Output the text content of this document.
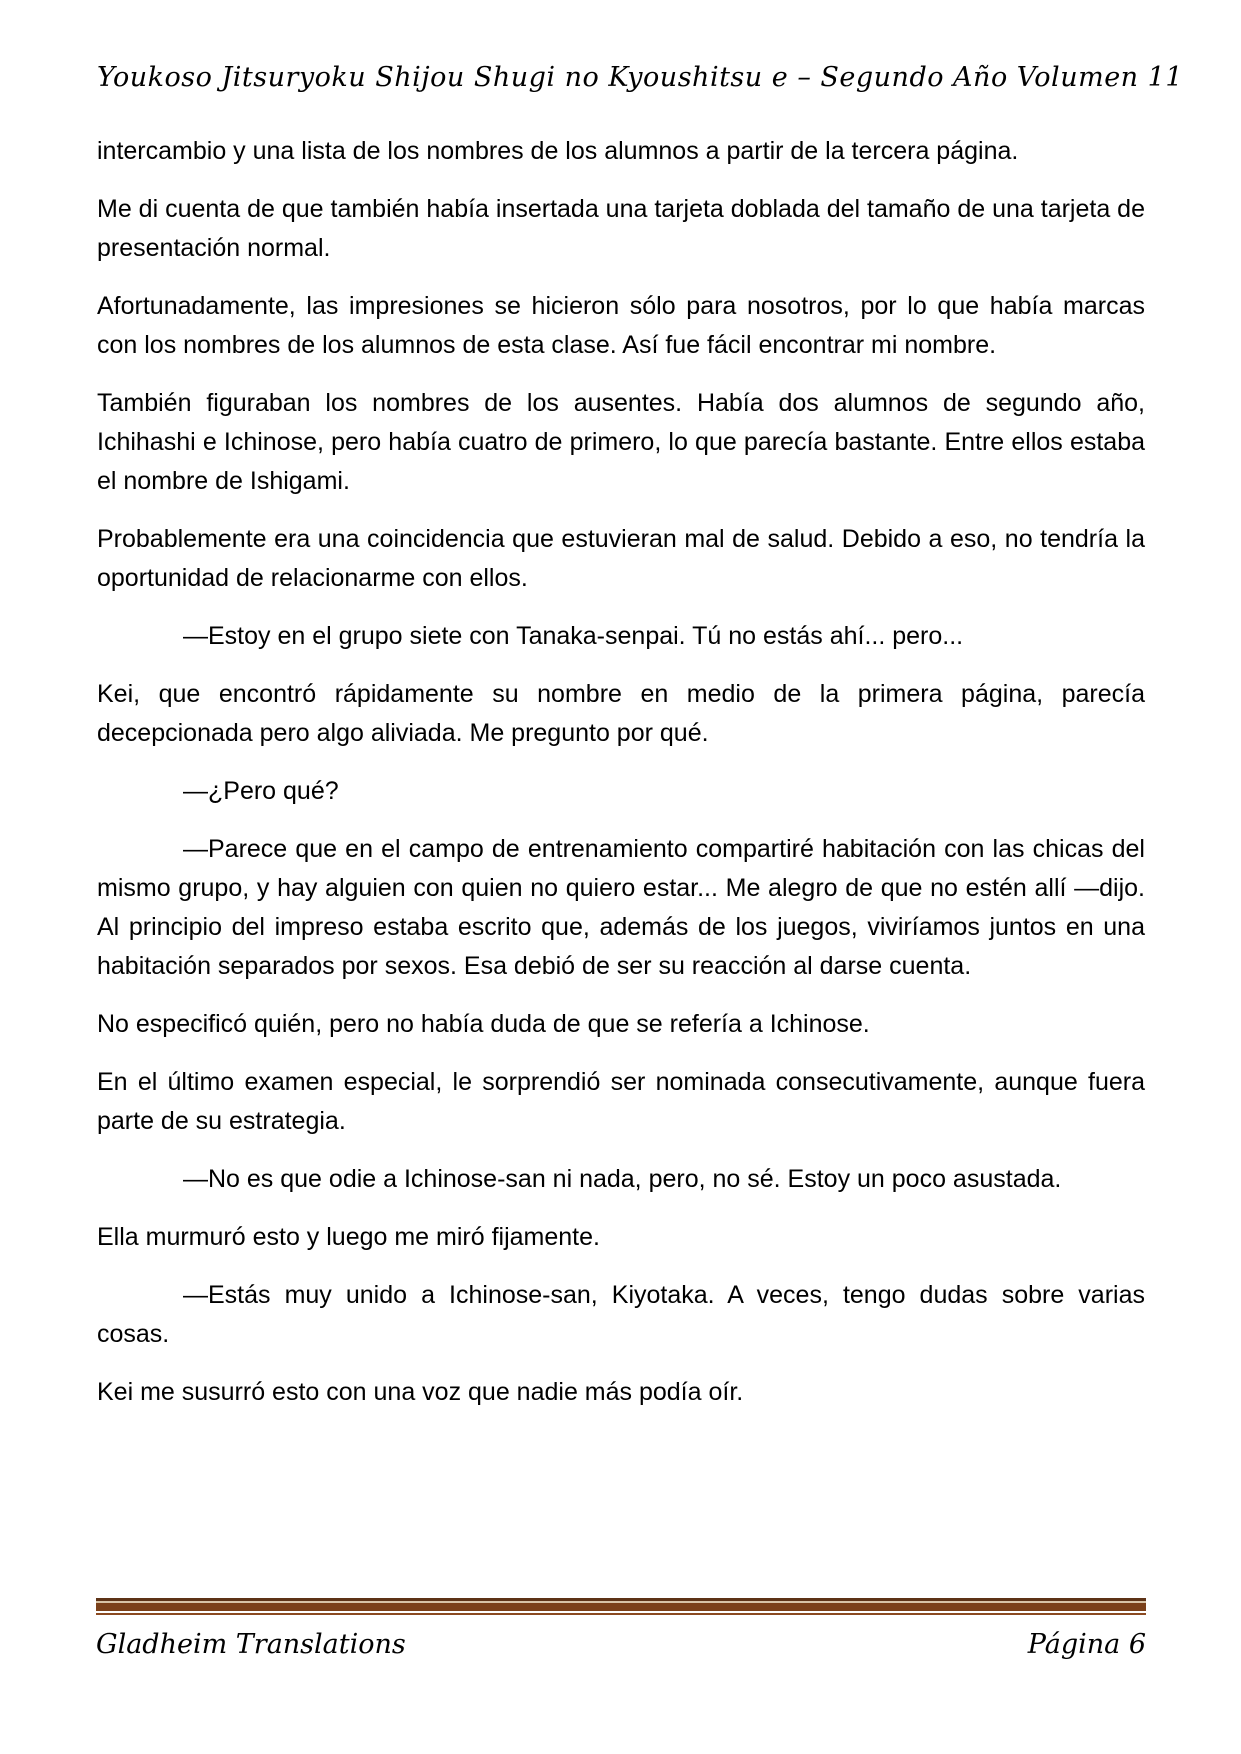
Youkoso Jitsuryoku Shijou Shugi no Kyoushitsu e – Segundo Año Volumen 11

intercambio y una lista de los nombres de los alumnos a partir de la tercera página.

Me di cuenta de que también había insertada una tarjeta doblada del tamaño de una tarjeta de presentación normal.

Afortunadamente, las impresiones se hicieron sólo para nosotros, por lo que había marcas con los nombres de los alumnos de esta clase. Así fue fácil encontrar mi nombre.

También figuraban los nombres de los ausentes. Había dos alumnos de segundo año, Ichihashi e Ichinose, pero había cuatro de primero, lo que parecía bastante. Entre ellos estaba el nombre de Ishigami.

Probablemente era una coincidencia que estuvieran mal de salud. Debido a eso, no tendría la oportunidad de relacionarme con ellos.

—Estoy en el grupo siete con Tanaka-senpai. Tú no estás ahí... pero...

Kei, que encontró rápidamente su nombre en medio de la primera página, parecía decepcionada pero algo aliviada. Me pregunto por qué.

—¿Pero qué?

—Parece que en el campo de entrenamiento compartiré habitación con las chicas del mismo grupo, y hay alguien con quien no quiero estar... Me alegro de que no estén allí —dijo. Al principio del impreso estaba escrito que, además de los juegos, viviríamos juntos en una habitación separados por sexos. Esa debió de ser su reacción al darse cuenta.

No especificó quién, pero no había duda de que se refería a Ichinose.

En el último examen especial, le sorprendió ser nominada consecutivamente, aunque fuera parte de su estrategia.

—No es que odie a Ichinose-san ni nada, pero, no sé. Estoy un poco asustada.

Ella murmuró esto y luego me miró fijamente.

—Estás muy unido a Ichinose-san, Kiyotaka. A veces, tengo dudas sobre varias cosas.

Kei me susurró esto con una voz que nadie más podía oír.

Gladheim Translations	Página 6
